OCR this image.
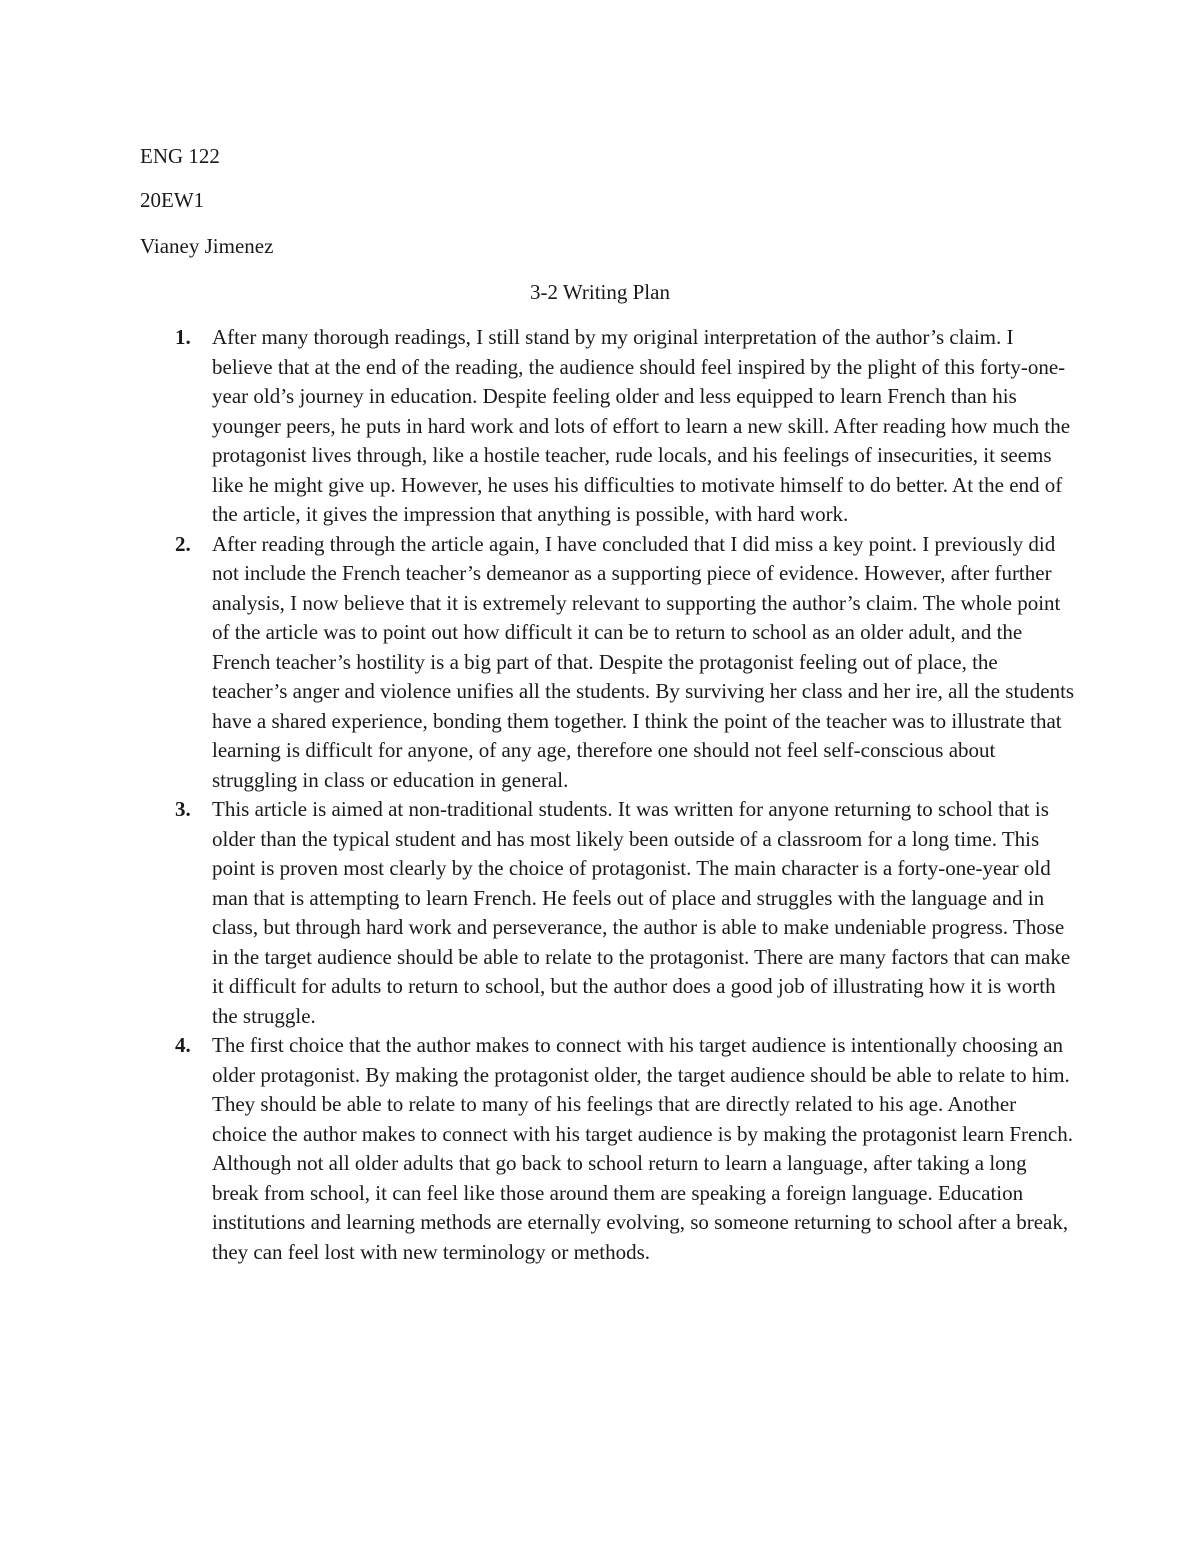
ENG 122
20EW1
Vianey Jimenez
3-2 Writing Plan
1. After many thorough readings, I still stand by my original interpretation of the author’s claim. I believe that at the end of the reading, the audience should feel inspired by the plight of this forty-one-year old’s journey in education. Despite feeling older and less equipped to learn French than his younger peers, he puts in hard work and lots of effort to learn a new skill. After reading how much the protagonist lives through, like a hostile teacher, rude locals, and his feelings of insecurities, it seems like he might give up. However, he uses his difficulties to motivate himself to do better. At the end of the article, it gives the impression that anything is possible, with hard work.
2. After reading through the article again, I have concluded that I did miss a key point. I previously did not include the French teacher’s demeanor as a supporting piece of evidence. However, after further analysis, I now believe that it is extremely relevant to supporting the author’s claim. The whole point of the article was to point out how difficult it can be to return to school as an older adult, and the French teacher’s hostility is a big part of that. Despite the protagonist feeling out of place, the teacher’s anger and violence unifies all the students. By surviving her class and her ire, all the students have a shared experience, bonding them together. I think the point of the teacher was to illustrate that learning is difficult for anyone, of any age, therefore one should not feel self-conscious about struggling in class or education in general.
3. This article is aimed at non-traditional students. It was written for anyone returning to school that is older than the typical student and has most likely been outside of a classroom for a long time. This point is proven most clearly by the choice of protagonist. The main character is a forty-one-year old man that is attempting to learn French. He feels out of place and struggles with the language and in class, but through hard work and perseverance, the author is able to make undeniable progress. Those in the target audience should be able to relate to the protagonist. There are many factors that can make it difficult for adults to return to school, but the author does a good job of illustrating how it is worth the struggle.
4. The first choice that the author makes to connect with his target audience is intentionally choosing an older protagonist. By making the protagonist older, the target audience should be able to relate to him. They should be able to relate to many of his feelings that are directly related to his age. Another choice the author makes to connect with his target audience is by making the protagonist learn French. Although not all older adults that go back to school return to learn a language, after taking a long break from school, it can feel like those around them are speaking a foreign language. Education institutions and learning methods are eternally evolving, so someone returning to school after a break, they can feel lost with new terminology or methods.
